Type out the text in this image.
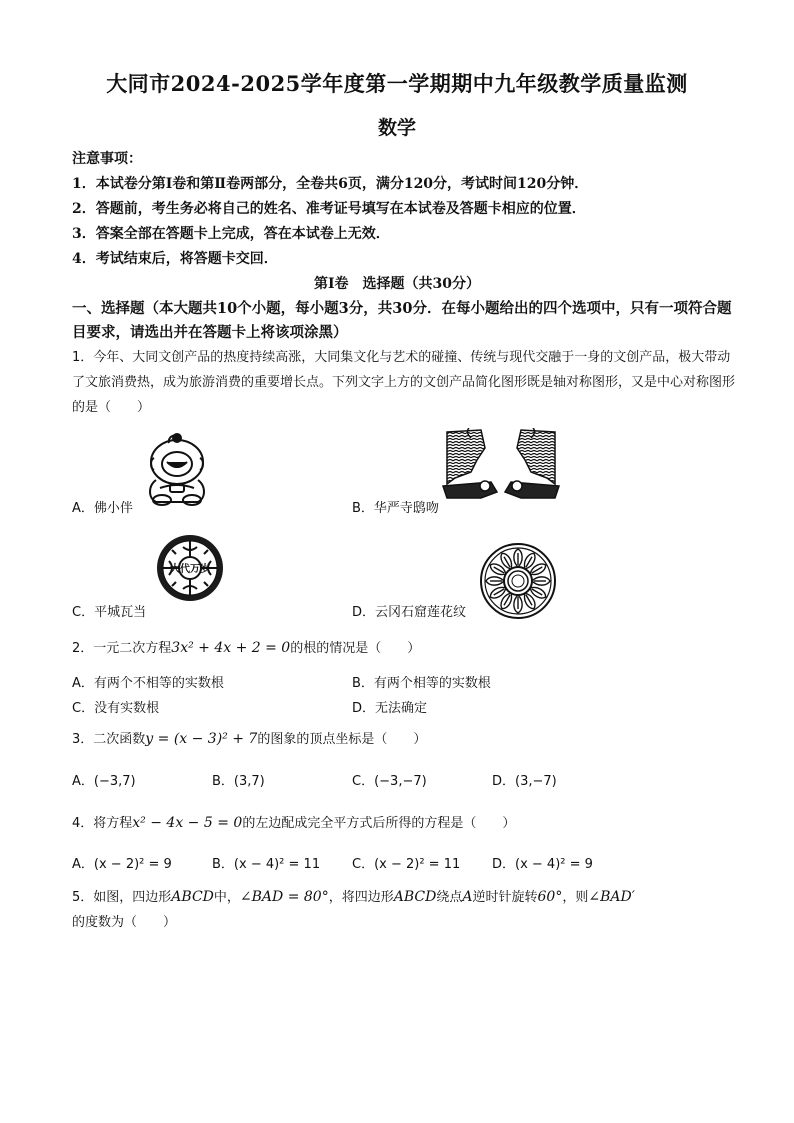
大同市2024-2025学年度第一学期期中九年级教学质量监测
数学
注意事项：
1．本试卷分第Ⅰ卷和第Ⅱ卷两部分，全卷共6页，满分120分，考试时间120分钟．
2．答题前，考生务必将自己的姓名、准考证号填写在本试卷及答题卡相应的位置．
3．答案全部在答题卡上完成，答在本试卷上无效．
4．考试结束后，将答题卡交回．
第Ⅰ卷　选择题（共30分）
一、选择题（本大题共10个小题，每小题3分，共30分．在每小题给出的四个选项中，只有一项符合题目要求，请选出并在答题卡上将该项涂黑）
1．今年、大同文创产品的热度持续高涨，大同集文化与艺术的碰撞、传统与现代交融于一身的文创产品，极大带动了文旅消费热，成为旅游消费的重要增长点。下列文字上方的文创产品简化图形既是轴对称图形，又是中心对称图形的是（　　）
A．佛小伴	B．华严寺鸱吻
大代万岁
C．平城瓦当	D．云冈石窟莲花纹
2．一元二次方程3x² + 4x + 2 = 0的根的情况是（　　）
A．有两个不相等的实数根	B．有两个相等的实数根
C．没有实数根	D．无法确定
3．二次函数y = (x − 3)² + 7的图象的顶点坐标是（　　）
A．(−3,7)	B．(3,7)	C．(−3,−7)	D．(3,−7)
4．将方程x² − 4x − 5 = 0的左边配成完全平方式后所得的方程是（　　）
A．(x − 2)² = 9	B．(x − 4)² = 11 C．(x − 2)² = 11 D．(x − 4)² = 9
5．如图，四边形ABCD中，∠BAD = 80°，将四边形ABCD绕点A逆时针旋转60°，则∠BAD′的度数为（　　）
